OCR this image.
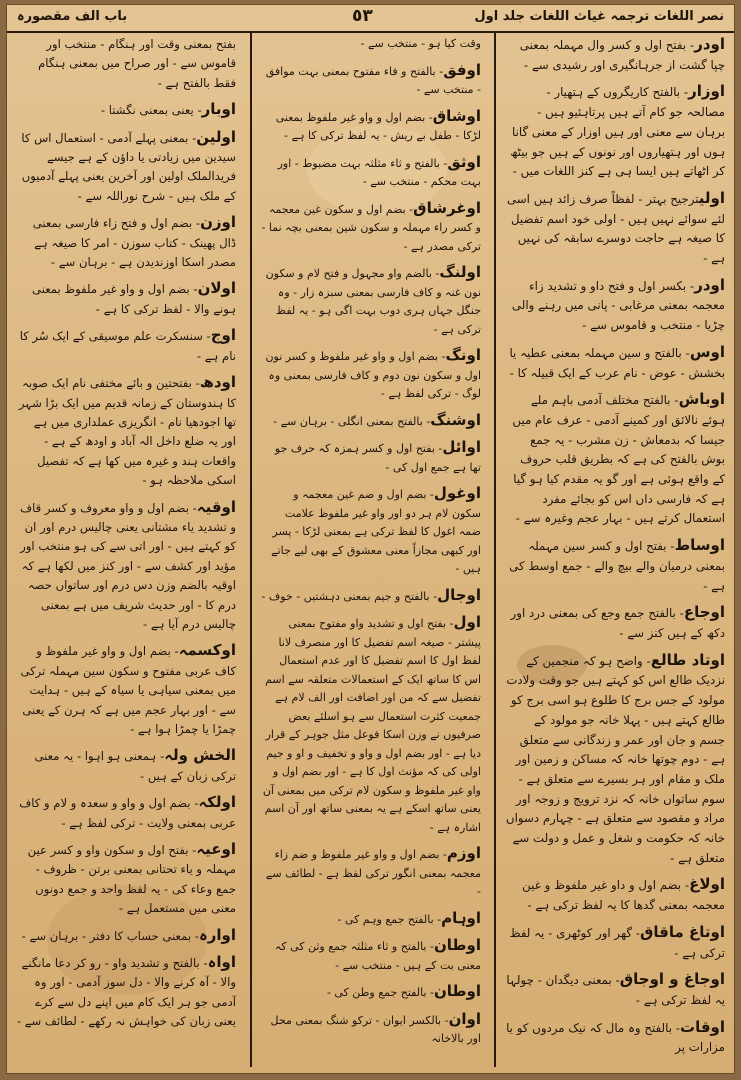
نصر اللغات ترجمہ غیاث اللغات جلد اول
٥٣
باب الف مقصورہ

اودر- بفتح اول و کسر وال مہملہ بمعنی چپا گشت از جرہانگیری اور رشیدی سے -

اوزار- بالفتح کاریگروں کے ہتھیار - مصالحہ جو کام آتے ہیں پرتاہئیو ہیں - برہان سے معنی اور ہیں اوزار کے معنی گانا ہوں اور ہتھیاروں اور نونوں کے ہیں جو بیٹھ کر اٹھاتے ہیں ایسا ہی ہے کنز اللغات میں -

اولیترجیح بہتر - لفظاً صرف زائد ہیں اسی لئے سوائے نہیں ہیں - اولی خود اسم تفضیل کا صیغہ ہے حاجت دوسرے سابقہ کی نہیں ہے -

اودر- بکسر اول و فتح داو و تشدید زاء معجمہ بمعنی مرغابی - پانی میں رہنے والی چڑیا - منتخب و قاموس سے -

اوس- بالفتح و سین مہملہ بمعنی عطیہ یا بخشش - عوض - نام عرب کے ایک قبیلہ کا -

اوباش- بالفتح مختلف آدمی باہم ملے ہوئے نالائق اور کمینے آدمی - عرف عام میں جیسا کہ بدمعاش - زن مشرب - یہ جمع بوش بالفتح کی ہے کہ بطریق قلب حروف کے واقع ہوئی ہے اور گو یہ مقدم کیا ہو گیا ہے کہ فارسی داں اس کو بجائے مفرد استعمال کرتے ہیں - بہار عجم وغیرہ سے -

اوساط- بفتح اول و کسر سین مہملہ بمعنی درمیان والے بیچ والے - جمع اوسط کی ہے -

اوجاع- بالفتح جمع وجع کی بمعنی درد اور دکھ کے ہیں کنز سے -

اوتاد طالع- واضح ہو کہ منجمین کے نزدیک طالع اس کو کہتے ہیں جو وقت ولادت مولود کے جس برج کا طلوع ہو اسی برج کو طالع کہتے ہیں - پہلا خانہ جو مولود کے جسم و جان اور عمر و زندگانی سے متعلق ہے - دوم چوتھا خانہ کہ مساکن و زمین اور ملک و مقام اور ہر بسیرے سے متعلق ہے - سوم ساتواں خانہ کہ نزد ترویج و زوجہ اور مراد و مقصود سے متعلق ہے - چہارم دسواں خانہ کہ حکومت و شغل و عمل و دولت سے متعلق ہے -

اولاغ- بضم اول و داو غیر ملفوظ و غین معجمہ بمعنی گدھا کا یہ لفظ ترکی ہے -

اوتاغ ماقاق- گھر اور کوٹھری - یہ لفظ ترکی ہے -

اوجاغ و اوجاق- بمعنی دیگدان - چولہا یہ لفظ ترکی ہے -

اوقات- بالفتح وہ مال کہ نیک مردوں کو یا مزارات پر

وقت کیا ہو - منتخب سے -

اوفق- بالفتح و فاء مفتوح بمعنی بہت موافق - منتخب سے -

اوشاق- بضم اول و واو غیر ملفوظ بمعنی لڑکا - طفل بے ریش - یہ لفظ ترکی کا ہے -

اوثق- بالفتح و ثاء مثلثہ بہت مضبوط - اور بہت محکم - منتخب سے -

اوغرشاق- بضم اول و سکون غین معجمہ و کسر راء مہملہ و سکون شین بمعنی بچہ نما - ترکی مصدر ہے -

اولنگ- بالضم واو مجہول و فتح لام و سکون نون غنہ و کاف فارسی بمعنی سبزہ زار - وہ جنگل جہاں ہری دوب بہت اگی ہو - یہ لفظ ترکی ہے -

اونگ- بضم اول و واو غیر ملفوظ و کسر نون اول و سکون نون دوم و کاف فارسی بمعنی وہ لوگ - ترکی لفظ ہے -

اوشنگ- بالفتح بمعنی انگلی - برہان سے -

اوائل- بفتح اول و کسر ہمزہ کہ حرف جو تھا ہے جمع اول کی -

اوغول- بضم اول و ضم غین معجمہ و سکون لام ہر دو اور واو غیر ملفوظ علامت ضمہ اغول کا لفظ ترکی ہے بمعنی لڑکا - پسر اور کبھی مجازاً معنی معشوق کے بھی لیے جاتے ہیں -

اوجال- بالفتح و جیم بمعنی دہشتیں - خوف -

اول- بفتح اول و تشدید واو مفتوح بمعنی پیشتر - صیغہ اسم تفضیل کا اور منصرف لانا لفظ اول کا اسم تفضیل کا اور عدم استعمال اس کا ساتھ ایک کے استعمالات متعلقہ سے اسم تفضیل سے کہ من اور اضافت اور الف لام ہے جمعیت کثرت استعمال سے ہو اسلئے بعض صرفیوں نے وزن اسکا فوعل مثل جوہر کے قرار دیا ہے - اور بضم اول و واو و تخفیف و او و جیم اولی کی کہ مؤنث اول کا ہے - اور بضم اول و واو غیر ملفوظ و سکون لام ترکی میں بمعنی آن یعنی ساتھ اسکے ہے یہ بمعنی ساتھ اور آن اسم اشارہ ہے -

اوزم- بضم اول و واو غیر ملفوظ و ضم زاء معجمہ بمعنی انگور ترکی لفظ ہے - لطائف سے -

اوہام- بالفتح جمع وہم کی -

اوطان- بالفتح و ثاء مثلثہ جمع وثن کی کہ معنی بت کے ہیں - منتخب سے -

اوطان- بالفتح جمع وطن کی -

اوان- بالکسر ایوان - ترکو شنگ بمعنی محل اور بالاخانہ

بفتح بمعنی وقت اور ہنگام - منتخب اور قاموس سے - اور صراح میں بمعنی ہنگام فقط بالفتح ہے -

اوبار- یعنی بمعنی نگشتا -

اولین- بمعنی پہلے آدمی - استعمال اس کا سیدین میں زیادتی یا داؤن کے ہے جیسے فریدالملک اولین اور آخرین یعنی پہلے آدمیوں کے ملک ہیں - شرح نوراللہ سے -

اوزن- بضم اول و فتح زاء فارسی بمعنی ڈال پھینک - کتاب سوزن - امر کا صیغہ ہے مصدر اسکا اوزندیدن ہے - برہان سے -

اولان- بضم اول و واو غیر ملفوظ بمعنی ہونے والا - لفظ ترکی کا ہے -

اوج- سنسکرت علم موسیقی کے ایک سُر کا نام ہے -

اودھ- بفتحتین و بائے مختفی نام ایک صوبہ کا ہندوستان کے زمانہ قدیم میں ایک بڑا شہر تھا اجودھیا نام - انگریزی عملداری میں ہے اور یہ ضلع داخل الہ آباد و اودھ کے ہے - واقعات ہند و غیرہ میں کھا ہے کہ تفصیل اسکی ملاحظہ ہو -

اوقیہ- بضم اول و واو معروف و کسر قاف و تشدید یاء مشتانی یعنی چالیس درم اور ان کو کہتے ہیں - اور اتی سے کی ہو منتخب اور مؤید اور کشف سے - اور کنز میں لکھا ہے کہ اوقیہ بالضم وزن دس درم اور ساتواں حصہ درم کا - اور حدیث شریف میں ہے بمعنی چالیس درم آیا ہے -

اوکسمہ- بضم اول و واو غیر ملفوظ و کاف عربی مفتوح و سکون سین مہملہ ترکی میں بمعنی سیاہی یا سیاہ کے ہیں - ہدایت سے - اور بہار عجم میں ہے کہ ہرن کے یعنی چمڑا یا چمڑا ہوا ہے -

الخش ولہ- ہمعنی ہو اہوا - یہ معنی ترکی زبان کے ہیں -

اولکہ- بضم اول و واو و سعدہ و لام و کاف عربی بمعنی ولایت - ترکی لفظ ہے -

اوعیہ- بفتح اول و سکون واو و کسر عین مہملہ و یاء تحتانی بمعنی برتن - ظروف - جمع وعاء کی - یہ لفظ واحد و جمع دونوں معنی میں مستعمل ہے -

اوارہ- بمعنی حساب کا دفتر - برہان سے -

اواہ- بالفتح و تشدید واو - رو کر دعا مانگنے والا - آہ کرنے والا - دل سوز آدمی - اور وہ آدمی جو ہر ایک کام میں اپنے دل سے کرے یعنی زبان کی خواہش نہ رکھے - لطائف سے -
